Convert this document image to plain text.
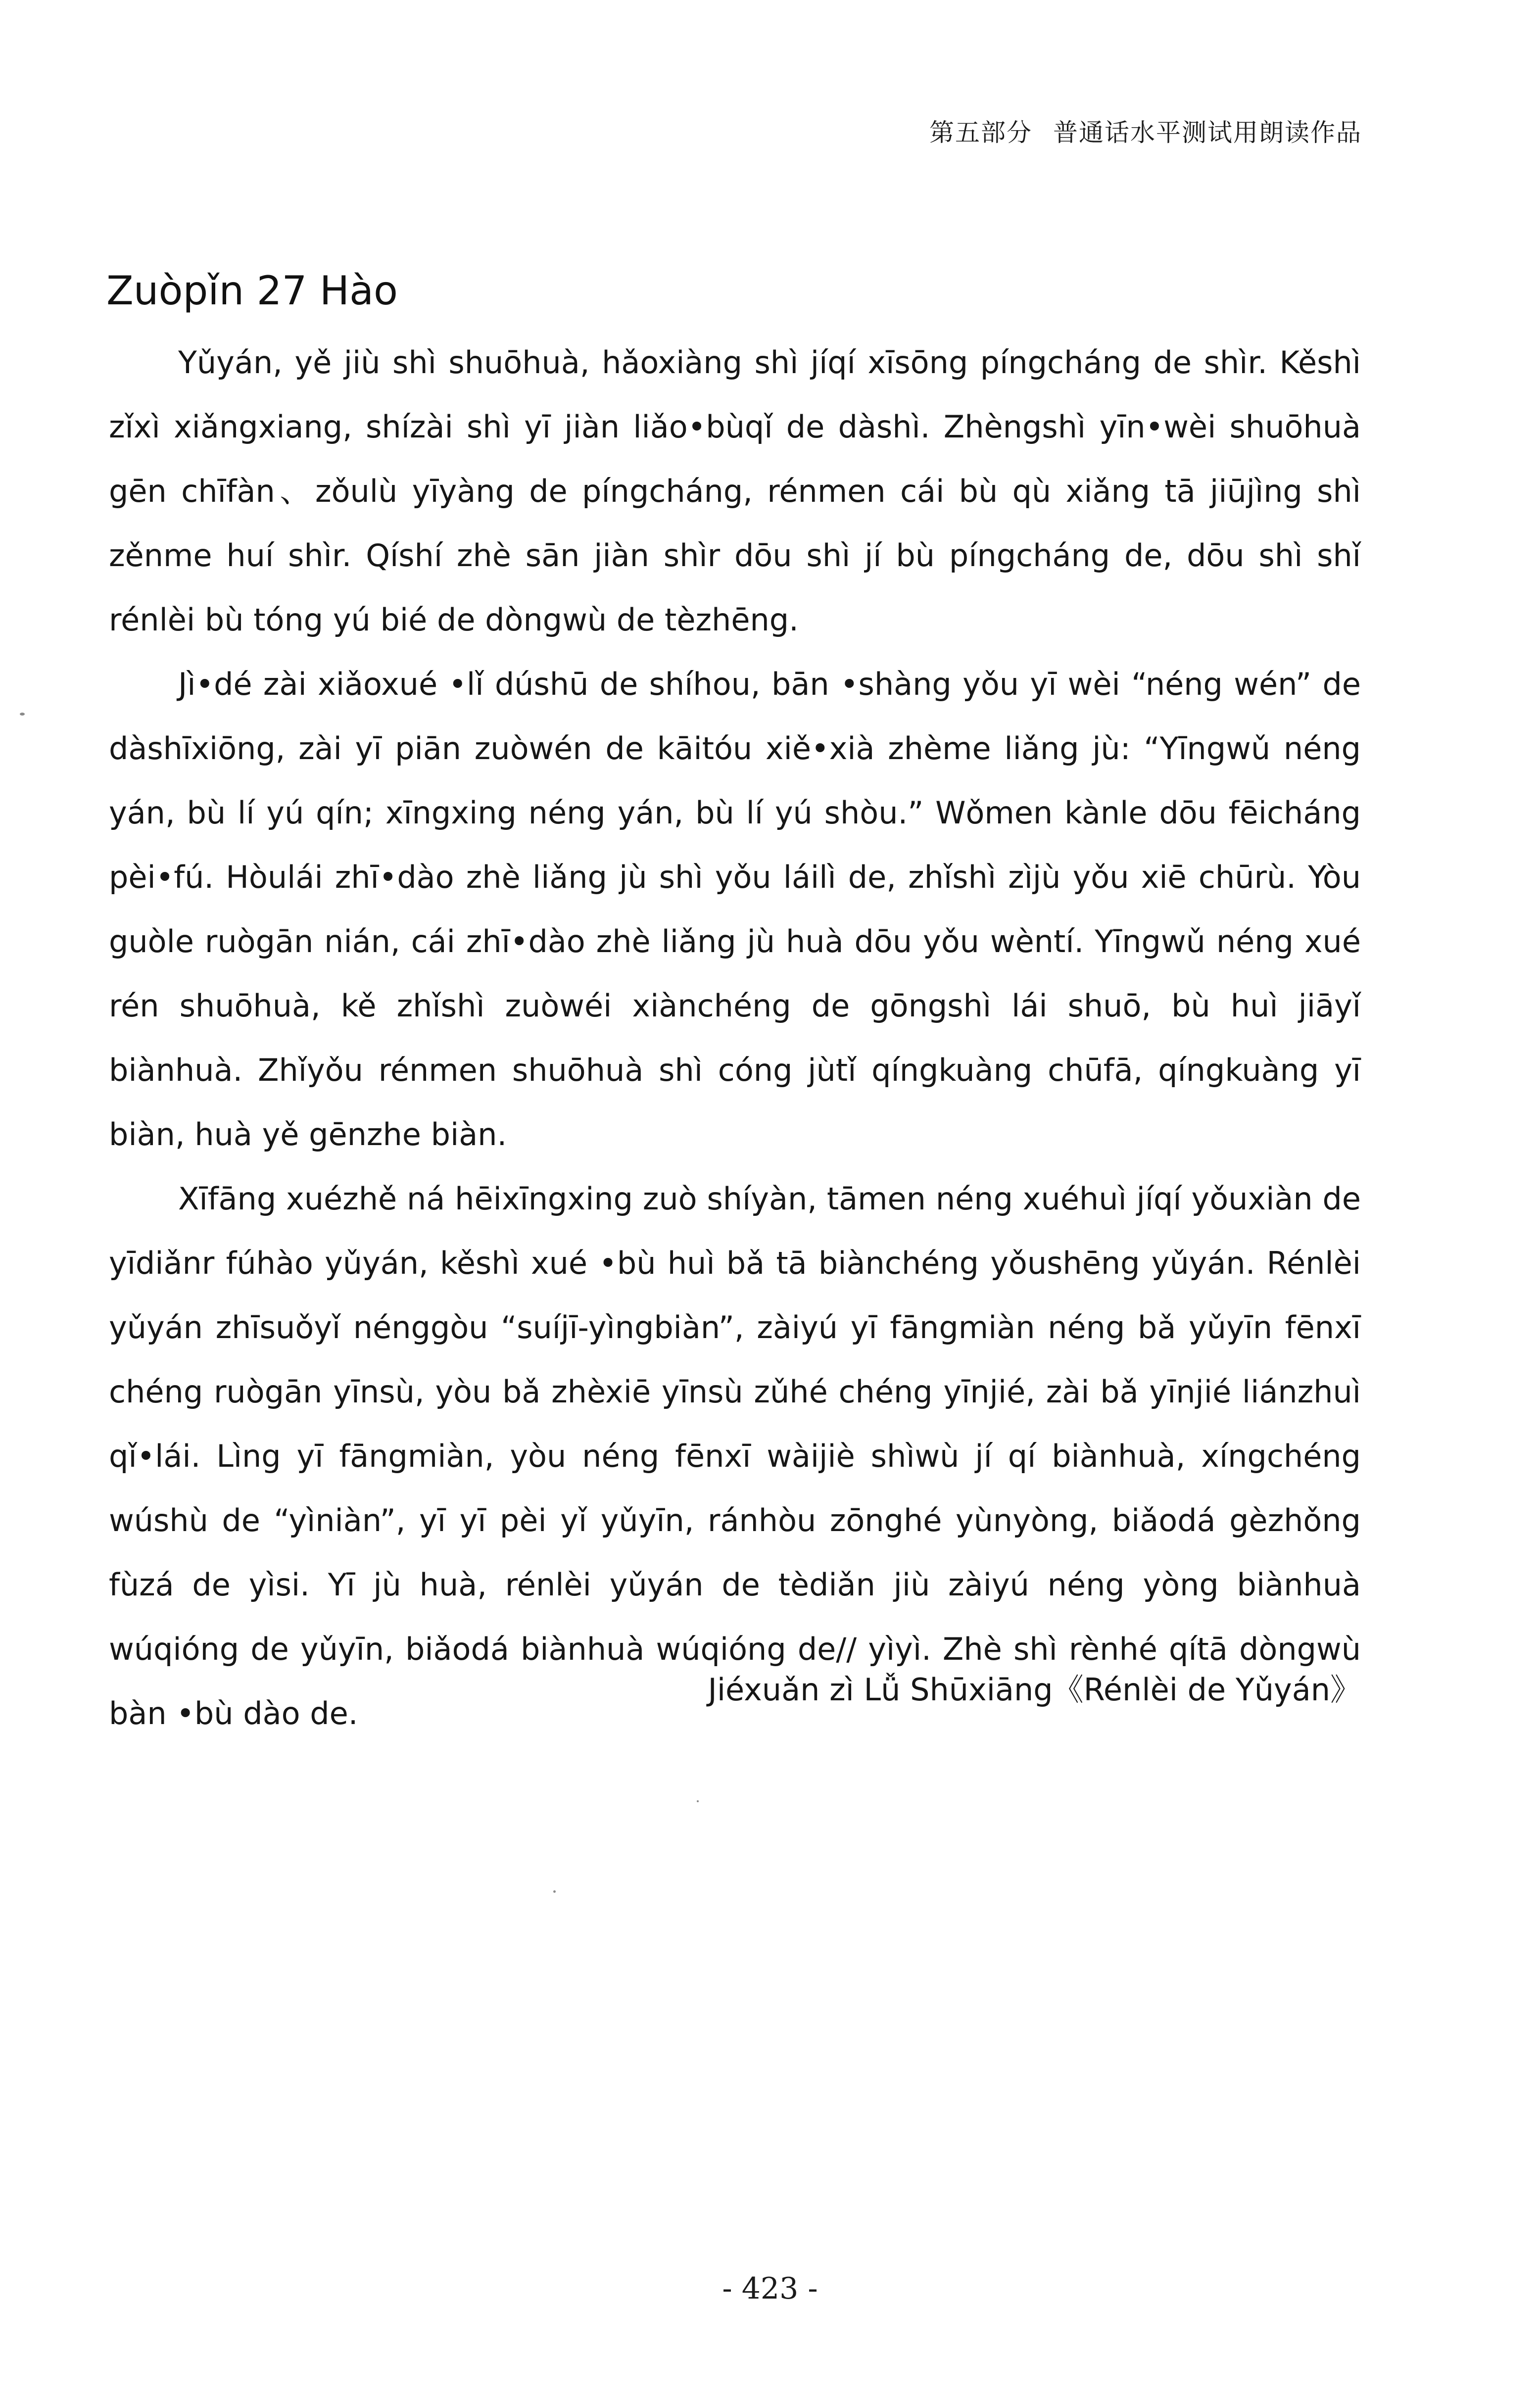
第五部分 普通话水平测试用朗读作品
Zuòpǐn 27 Hào

Yǔyán, yě jiù shì shuōhuà, hǎoxiàng shì jíqí xīsōng píngcháng de shìr. Kěshì zǐxì xiǎngxiang, shízài shì yī jiàn liǎo•bùqǐ de dàshì. Zhèngshì yīn•wèi shuōhuà gēn chīfàn、zǒulù yīyàng de píngcháng, rénmen cái bù qù xiǎng tā jiūjìng shì zěnme huí shìr. Qíshí zhè sān jiàn shìr dōu shì jí bù píngcháng de, dōu shì shǐ rénlèi bù tóng yú bié de dòngwù de tèzhēng.

Jì•dé zài xiǎoxué •lǐ dúshū de shíhou, bān •shàng yǒu yī wèi “néng wén” de dàshīxiōng, zài yī piān zuòwén de kāitóu xiě•xià zhème liǎng jù: “Yīngwǔ néng yán, bù lí yú qín; xīngxing néng yán, bù lí yú shòu.” Wǒmen kànle dōu fēicháng pèi•fú. Hòulái zhī•dào zhè liǎng jù shì yǒu láilì de, zhǐshì zìjù yǒu xiē chūrù. Yòu guòle ruògān nián, cái zhī•dào zhè liǎng jù huà dōu yǒu wèntí. Yīngwǔ néng xué rén shuōhuà, kě zhǐshì zuòwéi xiànchéng de gōngshì lái shuō, bù huì jiāyǐ biànhuà. Zhǐyǒu rénmen shuōhuà shì cóng jùtǐ qíngkuàng chūfā, qíngkuàng yī biàn, huà yě gēnzhe biàn.

Xīfāng xuézhě ná hēixīngxing zuò shíyàn, tāmen néng xuéhuì jíqí yǒuxiàn de yīdiǎnr fúhào yǔyán, kěshì xué •bù huì bǎ tā biànchéng yǒushēng yǔyán. Rénlèi yǔyán zhīsuǒyǐ nénggòu “suíjī-yìngbiàn”, zàiyú yī fāngmiàn néng bǎ yǔyīn fēnxī chéng ruògān yīnsù, yòu bǎ zhèxiē yīnsù zǔhé chéng yīnjié, zài bǎ yīnjié liánzhuì qǐ•lái. Lìng yī fāngmiàn, yòu néng fēnxī wàijiè shìwù jí qí biànhuà, xíngchéng wúshù de “yìniàn”, yī yī pèi yǐ yǔyīn, ránhòu zōnghé yùnyòng, biǎodá gèzhǒng fùzá de yìsi. Yī jù huà, rénlèi yǔyán de tèdiǎn jiù zàiyú néng yòng biànhuà wúqióng de yǔyīn, biǎodá biànhuà wúqióng de// yìyì. Zhè shì rènhé qítā dòngwù bàn •bù dào de.

Jiéxuǎn zì Lǚ Shūxiāng《Rénlèi de Yǔyán》
- 423 -
